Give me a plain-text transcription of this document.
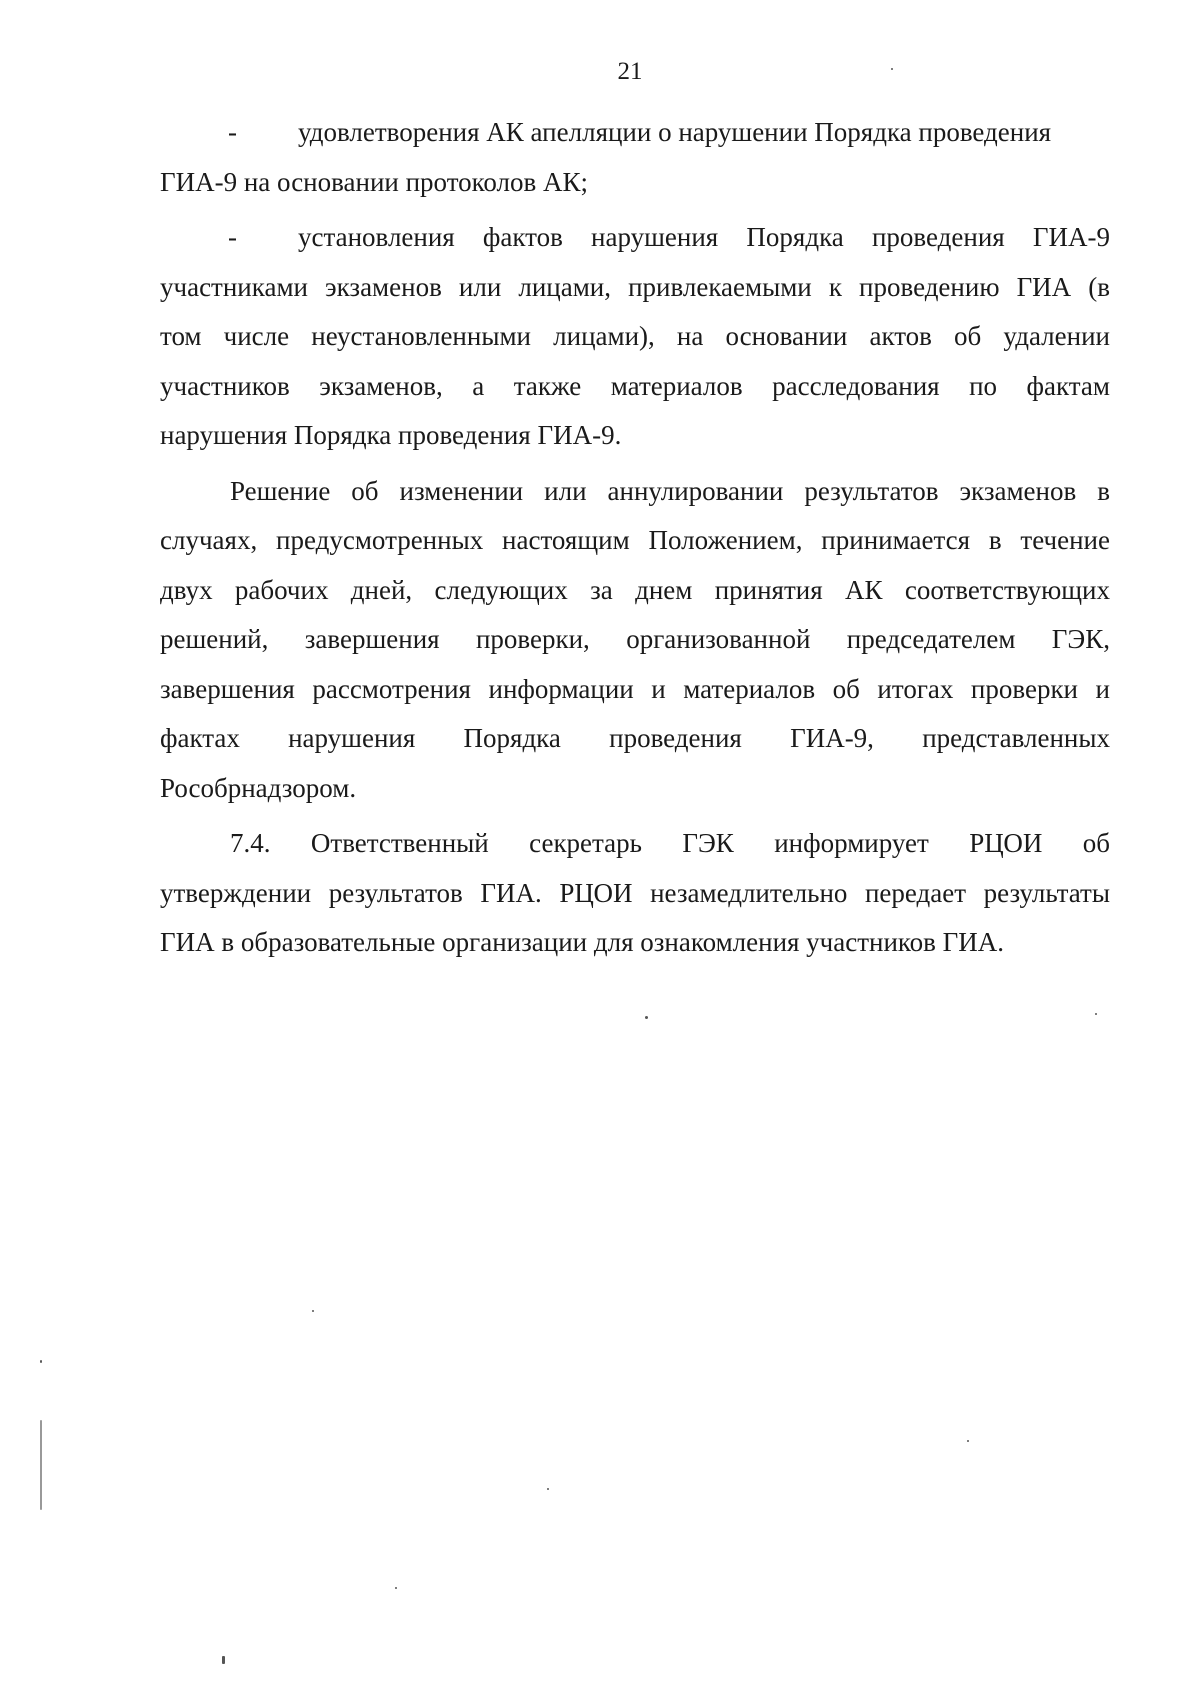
21
- удовлетворения АК апелляции о нарушении Порядка проведения
ГИА-9 на основании протоколов АК;
- установления фактов нарушения Порядка проведения ГИА-9
участниками экзаменов или лицами, привлекаемыми к проведению ГИА (в
том числе неустановленными лицами), на основании актов об удалении
участников экзаменов, а также материалов расследования по фактам
нарушения Порядка проведения ГИА-9.
Решение об изменении или аннулировании результатов экзаменов в
случаях, предусмотренных настоящим Положением, принимается в течение
двух рабочих дней, следующих за днем принятия АК соответствующих
решений, завершения проверки, организованной председателем ГЭК,
завершения рассмотрения информации и материалов об итогах проверки и
фактах нарушения Порядка проведения ГИА-9, представленных
Рособрнадзором.
7.4. Ответственный секретарь ГЭК информирует РЦОИ об
утверждении результатов ГИА. РЦОИ незамедлительно передает результаты
ГИА в образовательные организации для ознакомления участников ГИА.
